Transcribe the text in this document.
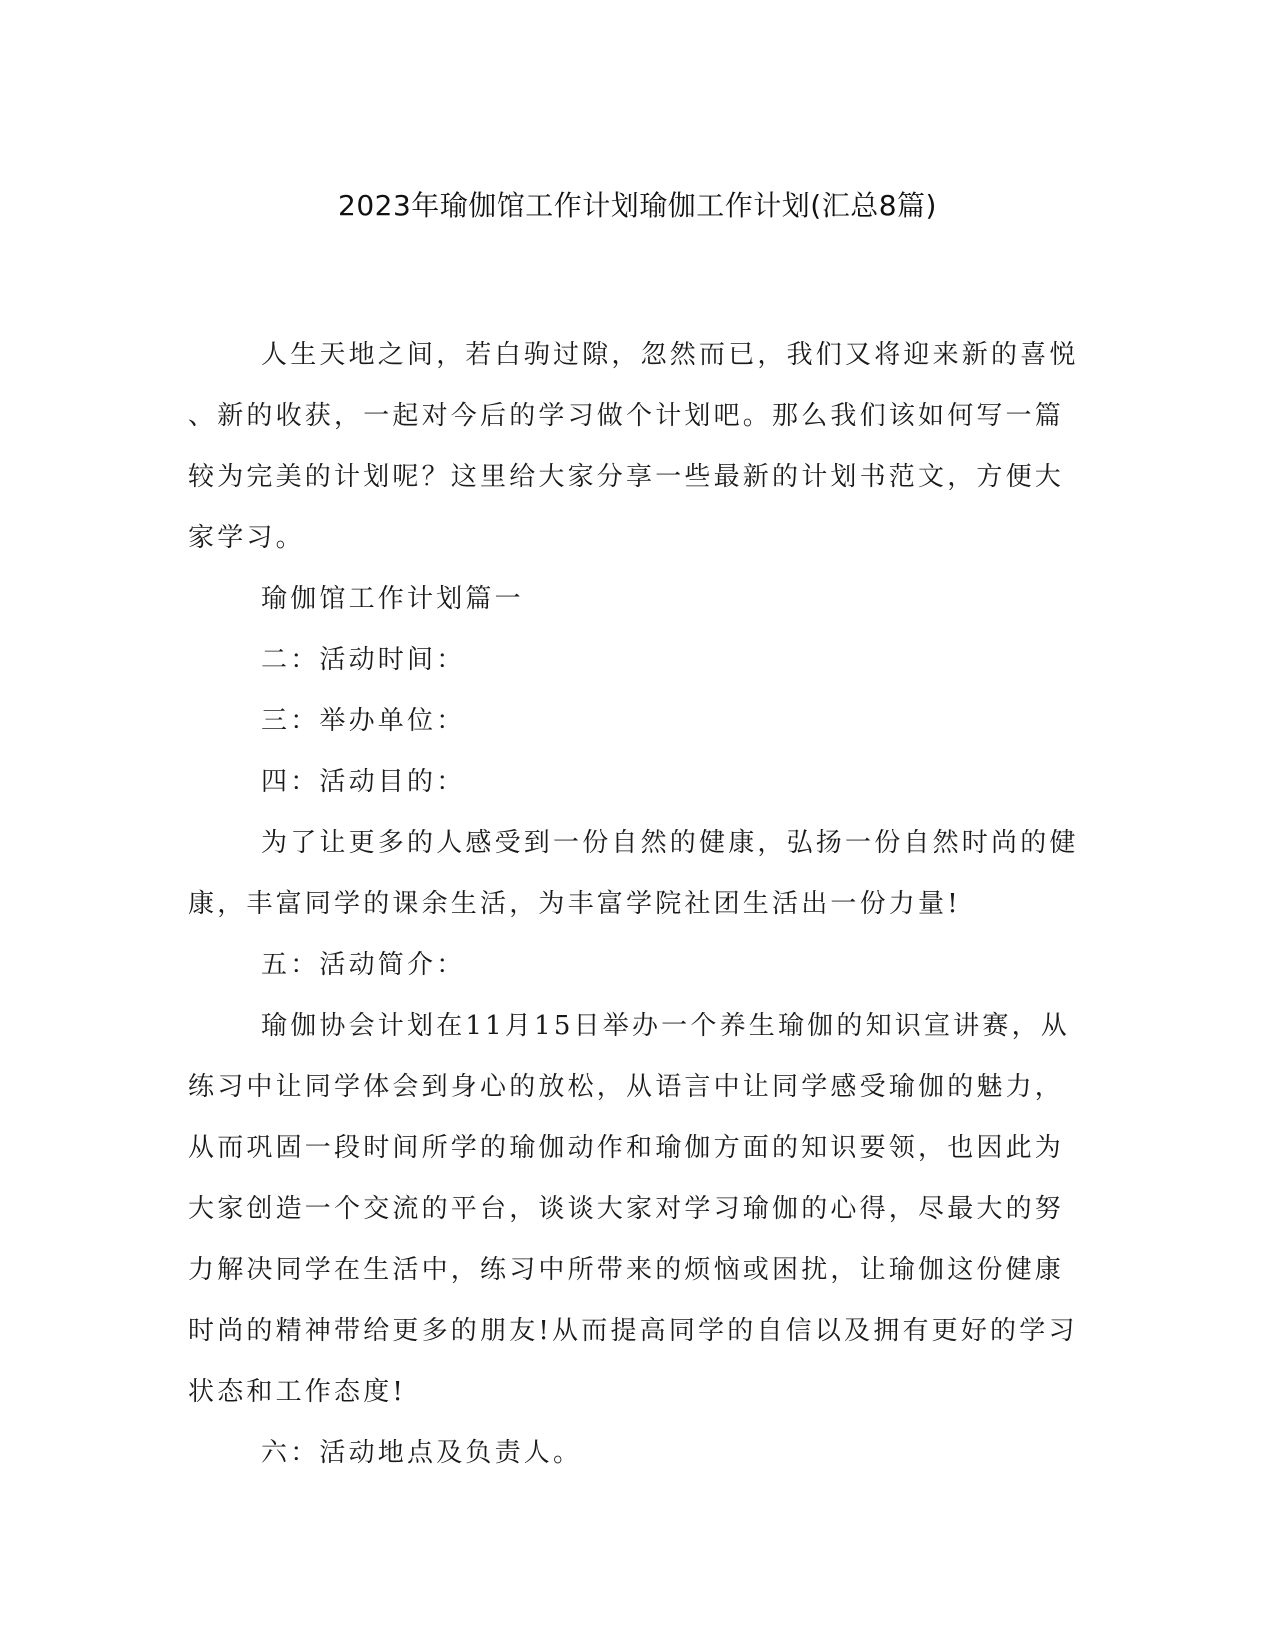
2023年瑜伽馆工作计划瑜伽工作计划(汇总8篇)
人生天地之间，若白驹过隙，忽然而已，我们又将迎来新的喜悦
、新的收获，一起对今后的学习做个计划吧。那么我们该如何写一篇
较为完美的计划呢？这里给大家分享一些最新的计划书范文，方便大
家学习。
瑜伽馆工作计划篇一
二：活动时间：
三：举办单位：
四：活动目的：
为了让更多的人感受到一份自然的健康，弘扬一份自然时尚的健
康，丰富同学的课余生活，为丰富学院社团生活出一份力量!
五：活动简介：
瑜伽协会计划在11月15日举办一个养生瑜伽的知识宣讲赛，从
练习中让同学体会到身心的放松，从语言中让同学感受瑜伽的魅力，
从而巩固一段时间所学的瑜伽动作和瑜伽方面的知识要领，也因此为
大家创造一个交流的平台，谈谈大家对学习瑜伽的心得，尽最大的努
力解决同学在生活中，练习中所带来的烦恼或困扰，让瑜伽这份健康
时尚的精神带给更多的朋友!从而提高同学的自信以及拥有更好的学习
状态和工作态度!
六：活动地点及负责人。
